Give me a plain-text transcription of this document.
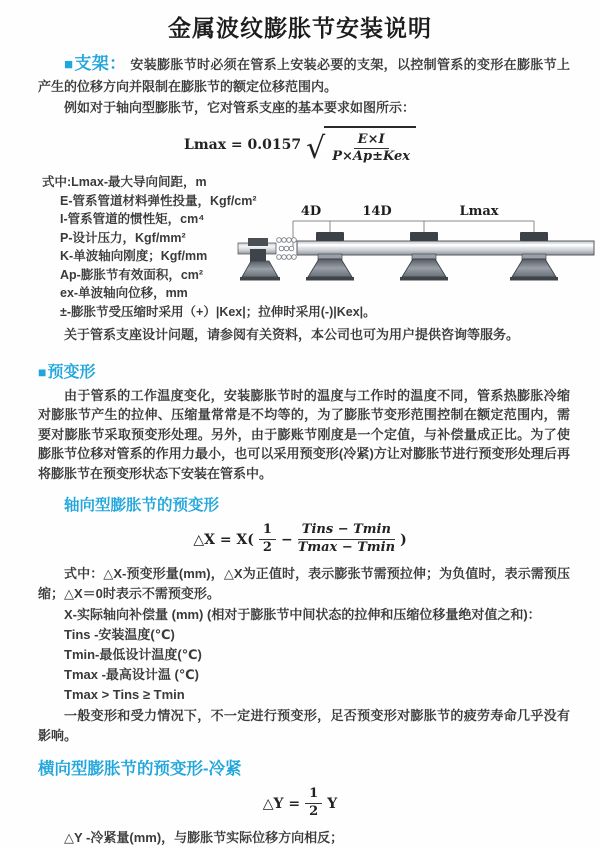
金属波纹膨胀节安装说明

■支架： 安装膨胀节时必须在管系上安装必要的支架，以控制管系的变形在膨胀节上产生的位移方向并限制在膨胀节的额定位移范围内。

例如对于轴向型膨胀节，它对管系支座的基本要求如图所示：

Lmax = 0.0157 √ $\frac{E\times I}{\text{P×Ap±Kex}}$
式中:Lmax-最大导向间距，m
E-管系管道材料弹性投量，Kgf/cm²
I-管系管道的惯性矩，cm⁴
P-设计压力，Kgf/mm²
K-单波轴向刚度；Kgf/mm
Ap-膨胀节有效面积，cm²
ex-单波轴向位移，mm
±-膨胀节受压缩时采用（+）|Kex|；拉伸时采用(-)|Kex|。
4D	14D	Lmax

关于管系支座设计问题，请参阅有关资料，本公司也可为用户提供咨询等服务。

■预变形

由于管系的工作温度变化，安装膨胀节时的温度与工作时的温度不同，管系热膨胀冷缩对膨胀节产生的拉伸、压缩量常常是不均等的，为了膨胀节变形范围控制在额定范围内，需要对膨胀节采取预变形处理。另外，由于膨账节刚度是一个定值，与补偿量成正比。为了使膨胀节位移对管系的作用力最小，也可以采用预变形(冷紧)方让对膨胀节进行预变形处理后再将膨胀节在预变形状态下安装在管系中。

轴向型膨胀节的预变形
△X = $X( \frac{1}{2} - \frac{\text{Tins − Tmin}}{Tmax - Tmin}$ )

式中：△X-预变形量(mm)，△X为正值时，表示膨张节需预拉伸；为负值时，表示需预压缩；△X＝0时表示不需预变形。

X-实际轴向补偿量 (mm) (相对于膨胀节中间状态的拉伸和压缩位移量绝对值之和)：
Tins -安装温度(℃)
Tmin-最低设计温度(℃)
Tmax -最高设计温 (℃)
Tmax > Tins ≥ Tmin

一般变形和受力情况下，不一定进行预变形，足否预变形对膨胀节的疲劳寿命几乎没有影响。

横向型膨胀节的预变形-冷紧
△Y = $\frac{1}{2}$ Y

△Y -冷紧量(mm)，与膨胀节实际位移方向相反；
